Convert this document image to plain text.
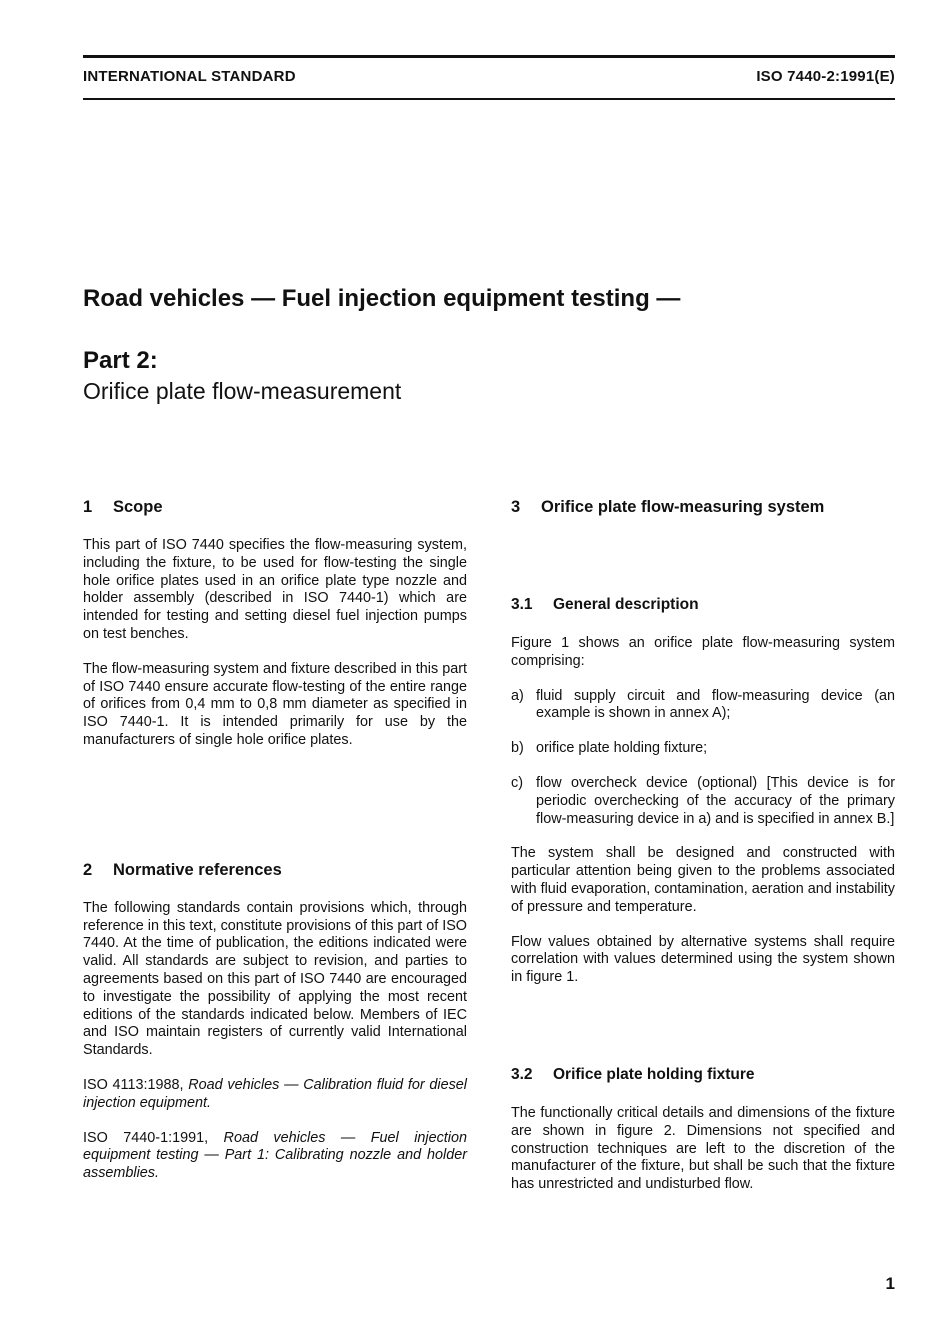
INTERNATIONAL STANDARD	ISO 7440-2:1991(E)
Road vehicles — Fuel injection equipment testing —
Part 2:
Orifice plate flow-measurement
1 Scope

This part of ISO 7440 specifies the flow-measuring system, including the fixture, to be used for flow-testing the single hole orifice plates used in an orifice plate type nozzle and holder assembly (described in ISO 7440-1) which are intended for testing and setting diesel fuel injection pumps on test benches.

The flow-measuring system and fixture described in this part of ISO 7440 ensure accurate flow-testing of the entire range of orifices from 0,4 mm to 0,8 mm diameter as specified in ISO 7440-1. It is intended primarily for use by the manufacturers of single hole orifice plates.

2 Normative references

The following standards contain provisions which, through reference in this text, constitute provisions of this part of ISO 7440. At the time of publication, the editions indicated were valid. All standards are subject to revision, and parties to agreements based on this part of ISO 7440 are encouraged to investigate the possibility of applying the most recent editions of the standards indicated below. Members of IEC and ISO maintain registers of currently valid International Standards.

ISO 4113:1988, Road vehicles — Calibration fluid for diesel injection equipment.

ISO 7440-1:1991, Road vehicles — Fuel injection equipment testing — Part 1: Calibrating nozzle and holder assemblies.

3 Orifice plate flow-measuring system
3.1 General description

Figure 1 shows an orifice plate flow-measuring system comprising:

a) fluid supply circuit and flow-measuring device (an example is shown in annex A);
b) orifice plate holding fixture;
c) flow overcheck device (optional) [This device is for periodic overchecking of the accuracy of the primary flow-measuring device in a) and is specified in annex B.]

The system shall be designed and constructed with particular attention being given to the problems associated with fluid evaporation, contamination, aeration and instability of pressure and temperature.

Flow values obtained by alternative systems shall require correlation with values determined using the system shown in figure 1.

3.2 Orifice plate holding fixture

The functionally critical details and dimensions of the fixture are shown in figure 2. Dimensions not specified and construction techniques are left to the discretion of the manufacturer of the fixture, but shall be such that the fixture has unrestricted and undisturbed flow.

1
